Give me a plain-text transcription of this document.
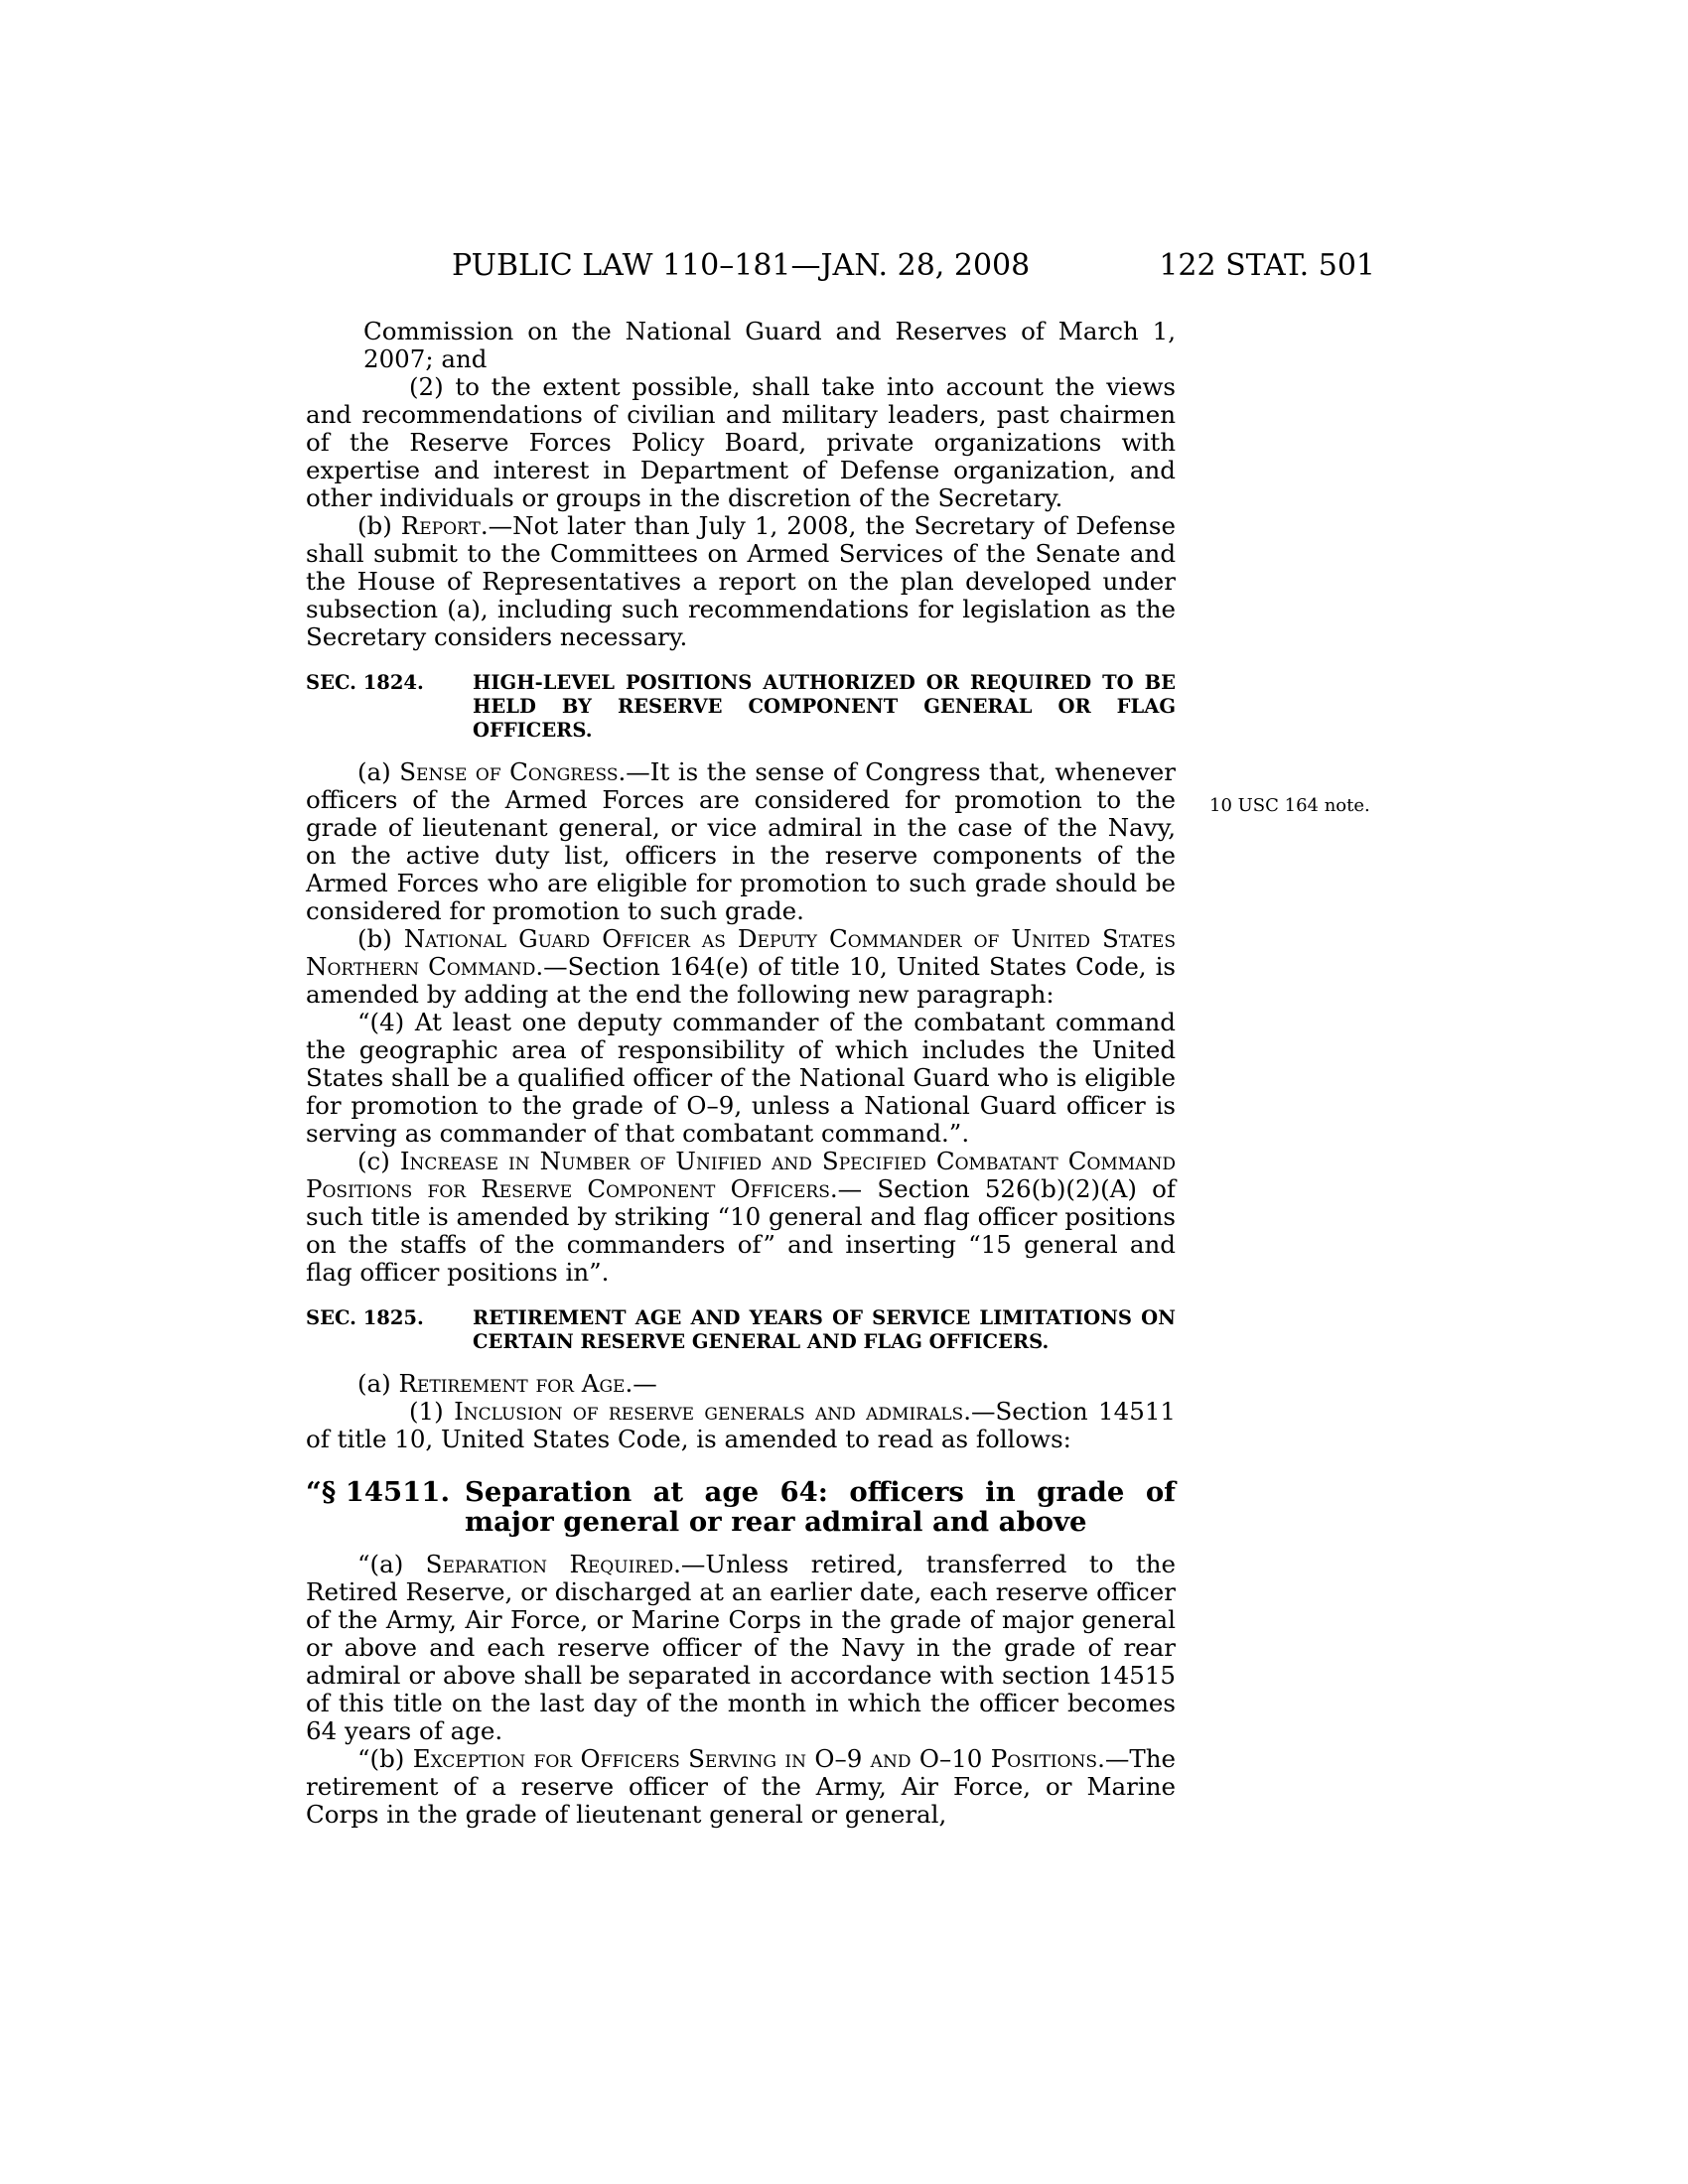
PUBLIC LAW 110–181—JAN. 28, 2008	122 STAT. 501
10 USC 164 note.

Commission on the National Guard and Reserves of March 1, 2007; and

(2) to the extent possible, shall take into account the views and recommendations of civilian and military leaders, past chairmen of the Reserve Forces Policy Board, private organizations with expertise and interest in Department of Defense organization, and other individuals or groups in the discretion of the Secretary.

(b) Report.—Not later than July 1, 2008, the Secretary of Defense shall submit to the Committees on Armed Services of the Senate and the House of Representatives a report on the plan developed under subsection (a), including such recommendations for legislation as the Secretary considers necessary.

SEC. 1824.	HIGH-LEVEL POSITIONS AUTHORIZED OR REQUIRED TO BE HELD BY RESERVE COMPONENT GENERAL OR FLAG OFFICERS.

(a) Sense of Congress.—It is the sense of Congress that, whenever officers of the Armed Forces are considered for promotion to the grade of lieutenant general, or vice admiral in the case of the Navy, on the active duty list, officers in the reserve components of the Armed Forces who are eligible for promotion to such grade should be considered for promotion to such grade.

(b) National Guard Officer as Deputy Commander of United States Northern Command.—Section 164(e) of title 10, United States Code, is amended by adding at the end the following new paragraph:

“(4) At least one deputy commander of the combatant command the geographic area of responsibility of which includes the United States shall be a qualified officer of the National Guard who is eligible for promotion to the grade of O–9, unless a National Guard officer is serving as commander of that combatant command.”.

(c) Increase in Number of Unified and Specified Combatant Command Positions for Reserve Component Officers.— Section 526(b)(2)(A) of such title is amended by striking “10 general and flag officer positions on the staffs of the commanders of” and inserting “15 general and flag officer positions in”.

SEC. 1825.	RETIREMENT AGE AND YEARS OF SERVICE LIMITATIONS ON CERTAIN RESERVE GENERAL AND FLAG OFFICERS.

(a) Retirement for Age.—

(1) Inclusion of reserve generals and admirals.—Section 14511 of title 10, United States Code, is amended to read as follows:

“§ 14511. Separation at age 64: officers in grade of major general or rear admiral and above

“(a) Separation Required.—Unless retired, transferred to the Retired Reserve, or discharged at an earlier date, each reserve officer of the Army, Air Force, or Marine Corps in the grade of major general or above and each reserve officer of the Navy in the grade of rear admiral or above shall be separated in accordance with section 14515 of this title on the last day of the month in which the officer becomes 64 years of age.

“(b) Exception for Officers Serving in O–9 and O–10 Positions.—The retirement of a reserve officer of the Army, Air Force, or Marine Corps in the grade of lieutenant general or general,
